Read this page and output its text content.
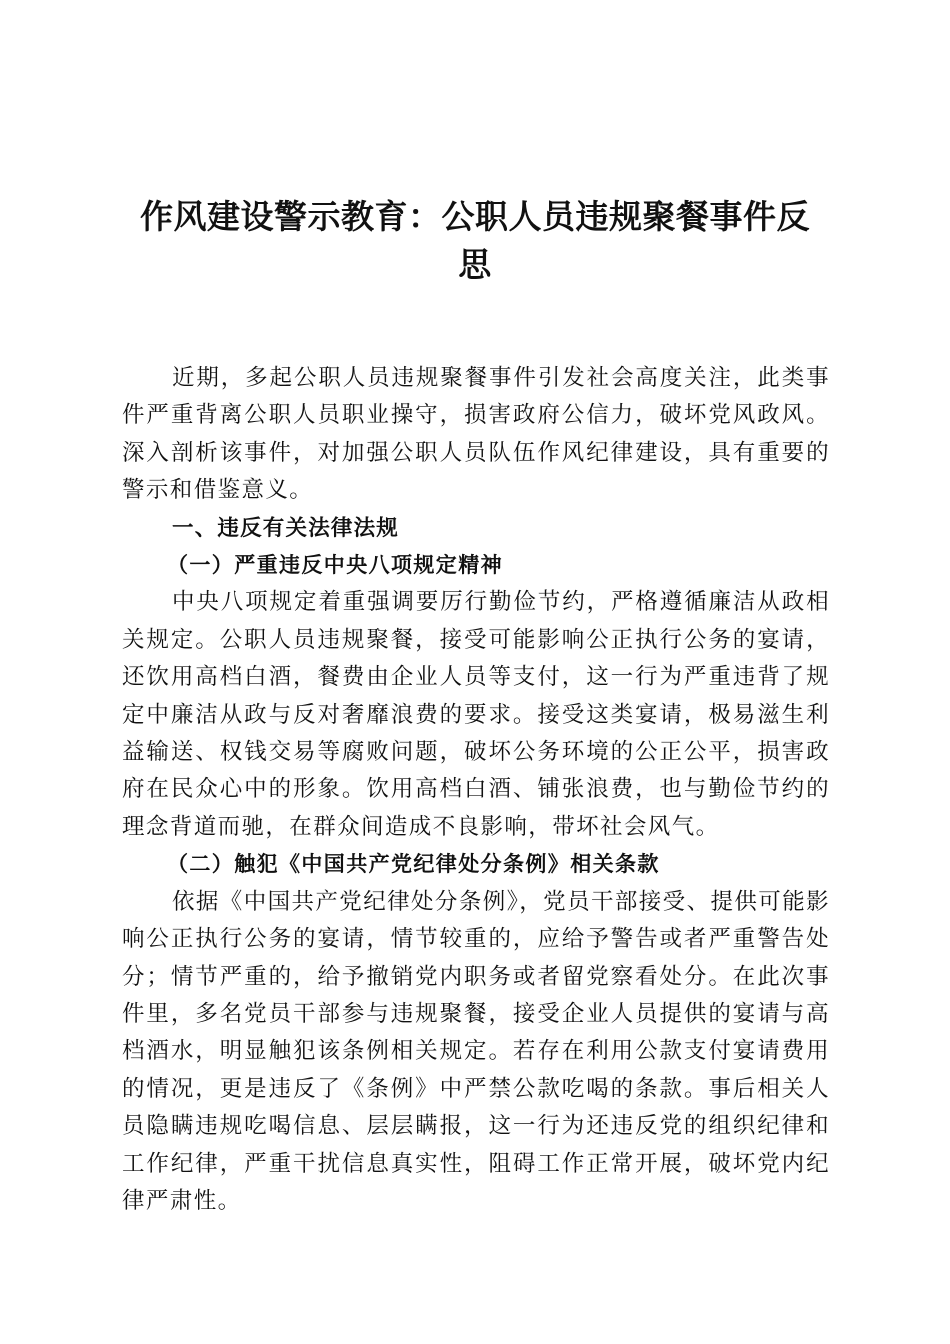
作风建设警示教育：公职人员违规聚餐事件反
思

近期，多起公职人员违规聚餐事件引发社会高度关注，此类事件严重背离公职人员职业操守，损害政府公信力，破坏党风政风。深入剖析该事件，对加强公职人员队伍作风纪律建设，具有重要的警示和借鉴意义。

一、违反有关法律法规

（一）严重违反中央八项规定精神

中央八项规定着重强调要厉行勤俭节约，严格遵循廉洁从政相关规定。公职人员违规聚餐，接受可能影响公正执行公务的宴请，还饮用高档白酒，餐费由企业人员等支付，这一行为严重违背了规定中廉洁从政与反对奢靡浪费的要求。接受这类宴请，极易滋生利益输送、权钱交易等腐败问题，破坏公务环境的公正公平，损害政府在民众心中的形象。饮用高档白酒、铺张浪费，也与勤俭节约的理念背道而驰，在群众间造成不良影响，带坏社会风气。

（二）触犯《中国共产党纪律处分条例》相关条款

依据《中国共产党纪律处分条例》，党员干部接受、提供可能影响公正执行公务的宴请，情节较重的，应给予警告或者严重警告处分；情节严重的，给予撤销党内职务或者留党察看处分。在此次事件里，多名党员干部参与违规聚餐，接受企业人员提供的宴请与高档酒水，明显触犯该条例相关规定。若存在利用公款支付宴请费用的情况，更是违反了《条例》中严禁公款吃喝的条款。事后相关人员隐瞒违规吃喝信息、层层瞒报，这一行为还违反党的组织纪律和工作纪律，严重干扰信息真实性，阻碍工作正常开展，破坏党内纪律严肃性。
